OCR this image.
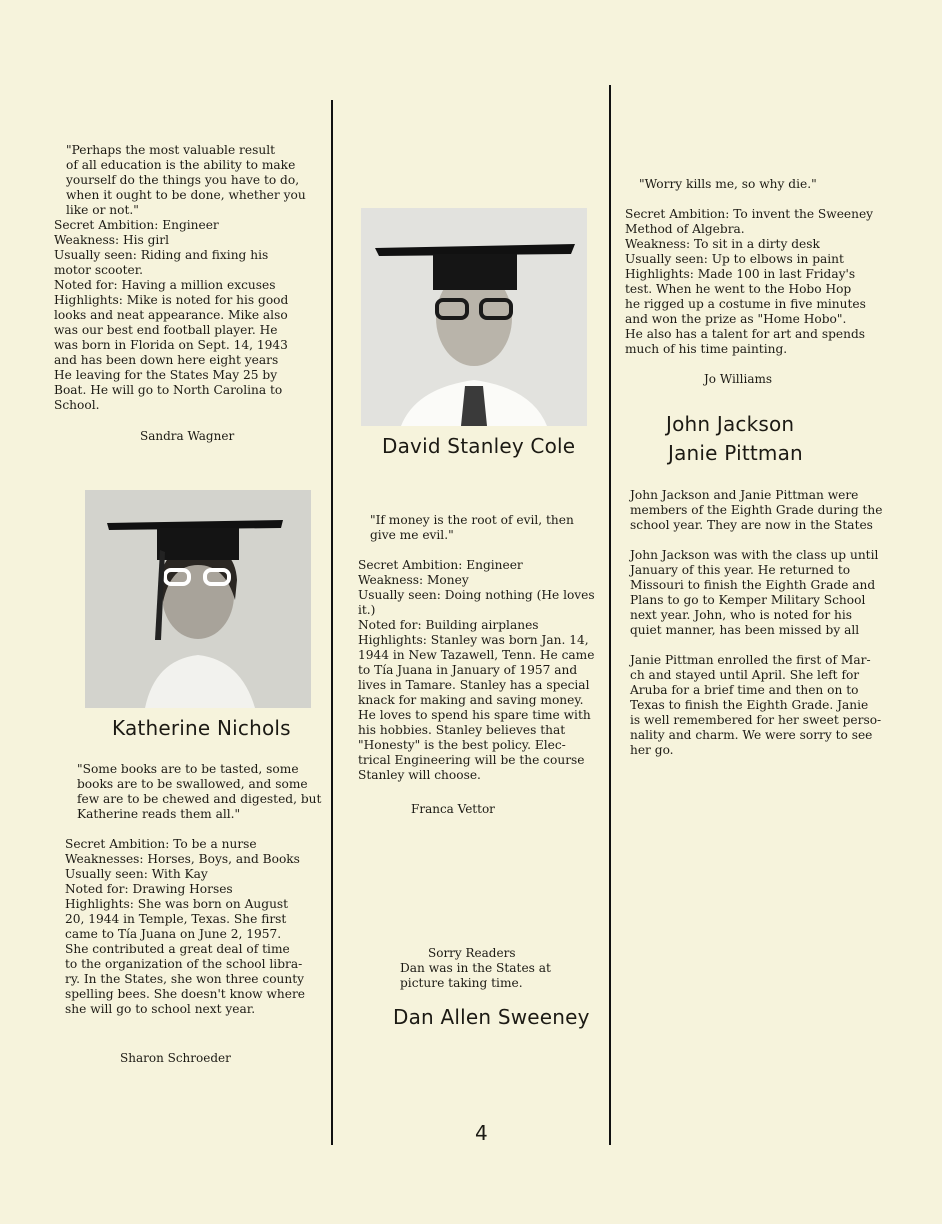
"Perhaps the most valuable result
of all education is the ability to make
yourself do the things you have to do,
when it ought to be done, whether you
like or not."

Secret Ambition: Engineer

Weakness: His girl

Usually seen: Riding and fixing his
motor scooter.

Noted for: Having a million excuses

Highlights: Mike is noted for his good
looks and neat appearance. Mike also
was our best end football player. He
was born in Florida on Sept. 14, 1943
and has been down here eight years
He leaving for the States May 25 by
Boat. He will go to North Carolina to
School.

Sandra Wagner
Katherine Nichols

"Some books are to be tasted, some
books are to be swallowed, and some
few are to be chewed and digested, but
Katherine reads them all."

Secret Ambition: To be a nurse

Weaknesses: Horses, Boys, and Books

Usually seen: With Kay

Noted for: Drawing Horses

Highlights: She was born on August
20, 1944 in Temple, Texas. She first
came to Tía Juana on June 2, 1957.
She contributed a great deal of time
to the organization of the school libra-
ry. In the States, she won three county
spelling bees. She doesn't know where
she will go to school next year.

Sharon Schroeder
David Stanley Cole

"If money is the root of evil, then
give me evil."

Secret Ambition: Engineer

Weakness: Money

Usually seen: Doing nothing (He loves
it.)

Noted for: Building airplanes

Highlights: Stanley was born Jan. 14,
1944 in New Tazawell, Tenn. He came
to Tía Juana in January of 1957 and
lives in Tamare. Stanley has a special
knack for making and saving money.
He loves to spend his spare time with
his hobbies. Stanley believes that
"Honesty" is the best policy. Elec-
trical Engineering will be the course
Stanley will choose.

Franca Vettor
Sorry Readers
Dan was in the States at
picture taking time.
Dan Allen Sweeney

"Worry kills me, so why die."

Secret Ambition: To invent the Sweeney
Method of Algebra.

Weakness: To sit in a dirty desk

Usually seen: Up to elbows in paint

Highlights: Made 100 in last Friday's
test. When he went to the Hobo Hop
he rigged up a costume in five minutes
and won the prize as "Home Hobo".
He also has a talent for art and spends
much of his time painting.

Jo Williams
John Jackson
Janie Pittman

John Jackson and Janie Pittman were
members of the Eighth Grade during the
school year. They are now in the States

John Jackson was with the class up until
January of this year. He returned to
Missouri to finish the Eighth Grade and
Plans to go to Kemper Military School
next year. John, who is noted for his
quiet manner, has been missed by all

Janie Pittman enrolled the first of Mar-
ch and stayed until April. She left for
Aruba for a brief time and then on to
Texas to finish the Eighth Grade. Janie
is well remembered for her sweet perso-
nality and charm. We were sorry to see
her go.

4
